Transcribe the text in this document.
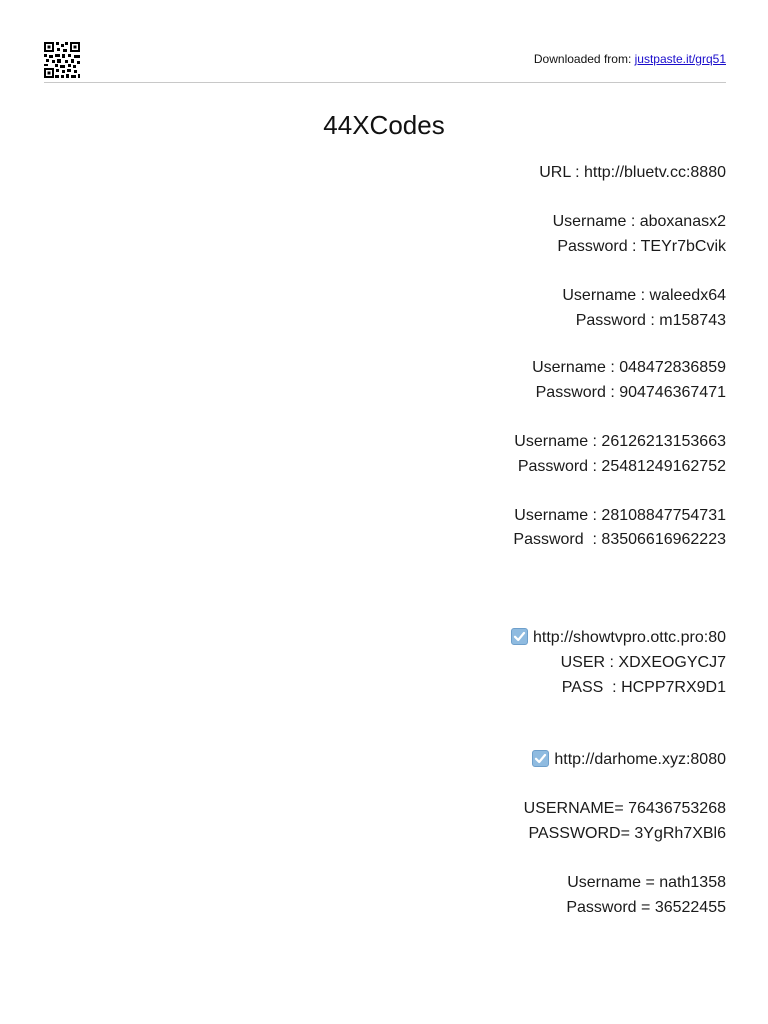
Downloaded from: justpaste.it/grq51
44XCodes
URL : http://bluetv.cc:8880
Username : aboxanasx2
Password : TEYr7bCvik
Username : waleedx64
Password : m158743
Username : 048472836859
Password : 904746367471
Username : 26126213153663
Password : 25481249162752
Username : 28108847754731
Password  : 83506616962223
http://showtvpro.ottc.pro:80
USER : XDXEOGYCJ7
PASS  : HCPP7RX9D1
http://darhome.xyz:8080
USERNAME= 76436753268
PASSWORD= 3YgRh7XBl6
Username = nath1358
Password = 36522455
